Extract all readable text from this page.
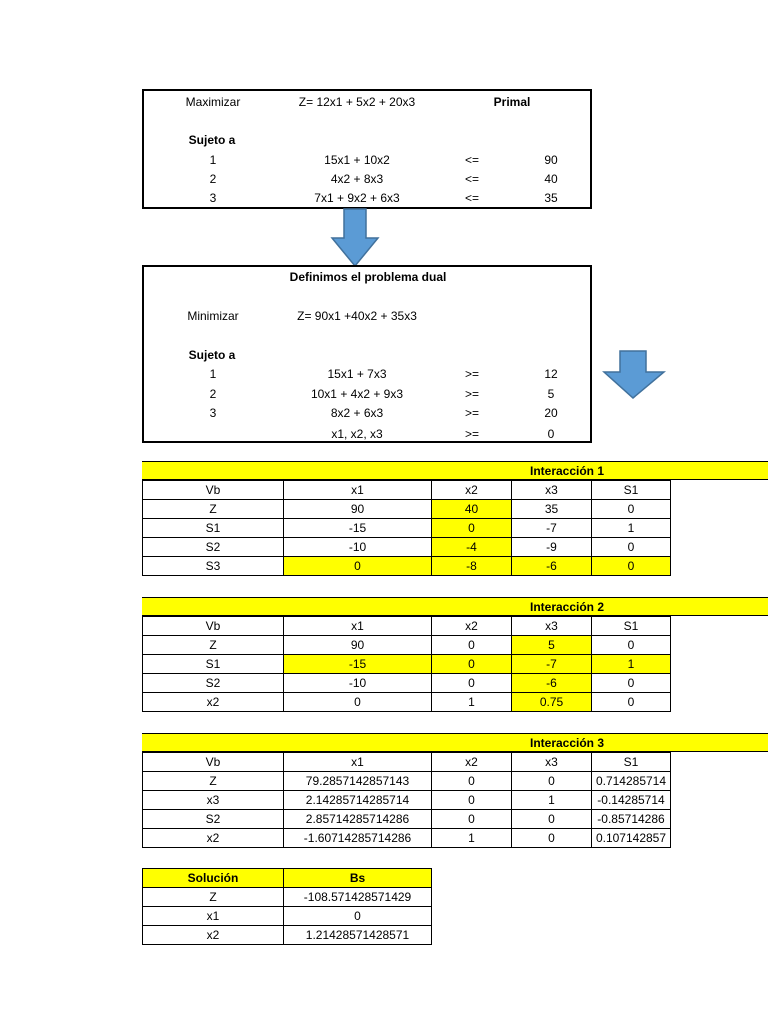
Maximizar	Z= 12x1 + 5x2 + 20x3	Primal
Sujeto a
1	15x1 + 10x2	<=	90
2	4x2 + 8x3	<=	40
3	7x1 + 9x2 + 6x3	<=	35
Definimos el problema dual
Minimizar	Z= 90x1 +40x2 + 35x3
Sujeto a
1	15x1 + 7x3	>=	12
2	10x1 + 4x2 + 9x3	>=	5
3	8x2 + 6x3	>=	20
x1, x2, x3	>=	0
Interacción 1
Vb	x1	x2	x3	S1
Z	90	40	35	0
S1	-15	0	-7	1
S2	-10	-4	-9	0
S3	0	-8	-6	0
Interacción 2
Vb	x1	x2	x3	S1
Z	90	0	5	0
S1	-15	0	-7	1
S2	-10	0	-6	0
x2	0	1	0.75	0
Interacción 3
Vb	x1	x2	x3	S1
Z	79.2857142857143	0	0	0.714285714
x3	2.14285714285714	0	1	-0.14285714
S2	2.85714285714286	0	0	-0.85714286
x2	-1.60714285714286	1	0	0.107142857
Solución	Bs
Z	-108.571428571429
x1	0
x2	1.21428571428571
